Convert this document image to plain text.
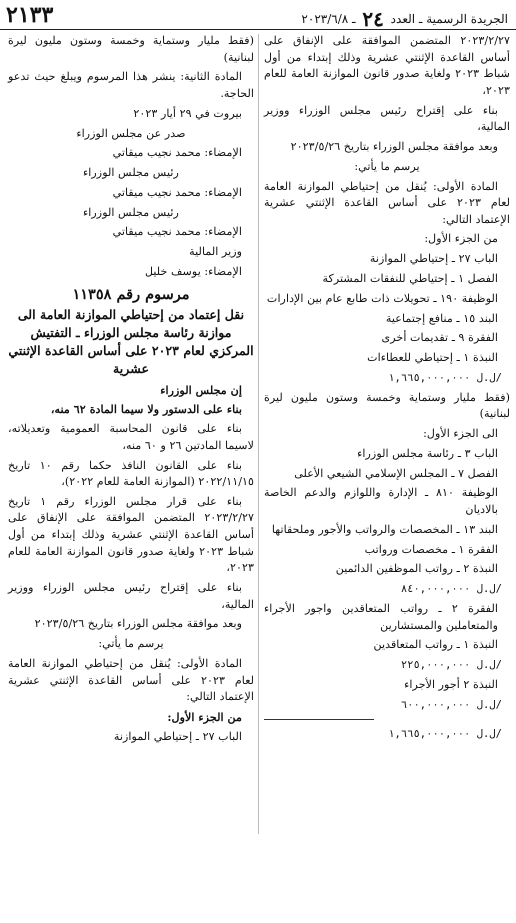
الجريدة الرسمية ـ العدد ٢٤ ـ ٢٠٢٣/٦/٨
٢١٣٣

٢٠٢٣/٢/٢٧ المتضمن الموافقة على الإنفاق على أساس القاعدة الإثنتي عشرية وذلك إبتداء من أول شباط ٢٠٢٣ ولغاية صدور قانون الموازنة العامة للعام ٢٠٢٣،

بناء على إقتراح رئيس مجلس الوزراء ووزير المالية،

وبعد موافقة مجلس الوزراء بتاريخ ٢٠٢٣/٥/٢٦

يرسم ما يأتي:

المادة الأولى: يُنقل من إحتياطي الموازنة العامة لعام ٢٠٢٣ على أساس القاعدة الإثنتي عشرية الإعتماد التالي:

من الجزء الأول:

الباب ٢٧ ـ إحتياطي الموازنة

الفصل ١ ـ إحتياطي للنفقات المشتركة

الوظيفة ١٩٠ ـ تحويلات ذات طابع عام بين الإدارات

البند ١٥ ـ منافع إجتماعية

الفقرة ٩ ـ تقديمات أخرى

النبذة ١ ـ إحتياطي للعطاءات

ل.ل ١,٦٦٥,٠٠٠,٠٠٠/

(فقط مليار وستماية وخمسة وستون مليون ليرة لبنانية)

الى الجزء الأول:

الباب ٣ ـ رئاسة مجلس الوزراء

الفصل ٧ ـ المجلس الإسلامي الشيعي الأعلى

الوظيفة ٨١٠ ـ الإدارة واللوازم والدعم الخاصة بالاديان

البند ١٣ ـ المخصصات والرواتب والأجور وملحقاتها

الفقرة ١ ـ مخصصات ورواتب

النبذة ٢ ـ رواتب الموظفين الدائمين

ل.ل ٨٤٠,٠٠٠,٠٠٠/

الفقرة ٢ ـ رواتب المتعاقدين واجور الأجراء والمتعاملين والمستشارين

النبذة ١ ـ رواتب المتعاقدين

ل.ل ٢٢٥,٠٠٠,٠٠٠/

النبذة ٢ أجور الأجراء

ل.ل ٦٠٠,٠٠٠,٠٠٠/

ل.ل ١,٦٦٥,٠٠٠,٠٠٠/

(فقط مليار وستماية وخمسة وستون مليون ليرة لبنانية)

المادة الثانية: ينشر هذا المرسوم ويبلغ حيث تدعو الحاجة.

بيروت في ٢٩ أيار ٢٠٢٣

صدر عن مجلس الوزراء

الإمضاء: محمد نجيب ميقاتي

رئيس مجلس الوزراء

الإمضاء: محمد نجيب ميقاتي

رئيس مجلس الوزراء

الإمضاء: محمد نجيب ميقاتي

وزير المالية

الإمضاء: يوسف خليل

مرسوم رقم ١١٣٥٨

نقل إعتماد من إحتياطي الموازنة العامة الى موازنة رئاسة مجلس الوزراء ـ التفتيش المركزي لعام ٢٠٢٣ على أساس القاعدة الإثنتي عشرية

إن مجلس الوزراء

بناء على الدستور ولا سيما المادة ٦٢ منه،

بناء على قانون المحاسبة العمومية وتعديلاته، لاسيما المادتين ٢٦ و ٦٠ منه،

بناء على القانون النافذ حكما رقم ١٠ تاريخ ٢٠٢٢/١١/١٥ (الموازنة العامة للعام ٢٠٢٢)،

بناء على قرار مجلس الوزراء رقم ١ تاريخ ٢٠٢٣/٢/٢٧ المتضمن الموافقة على الإنفاق على أساس القاعدة الإثنتي عشرية وذلك إبتداء من أول شباط ٢٠٢٣ ولغاية صدور قانون الموازنة العامة للعام ٢٠٢٣،

بناء على إقتراح رئيس مجلس الوزراء ووزير المالية،

وبعد موافقة مجلس الوزراء بتاريخ ٢٠٢٣/٥/٢٦

يرسم ما يأتي:

المادة الأولى: يُنقل من إحتياطي الموازنة العامة لعام ٢٠٢٣ على أساس القاعدة الإثنتي عشرية الإعتماد التالي:

من الجزء الأول:

الباب ٢٧ ـ إحتياطي الموازنة
